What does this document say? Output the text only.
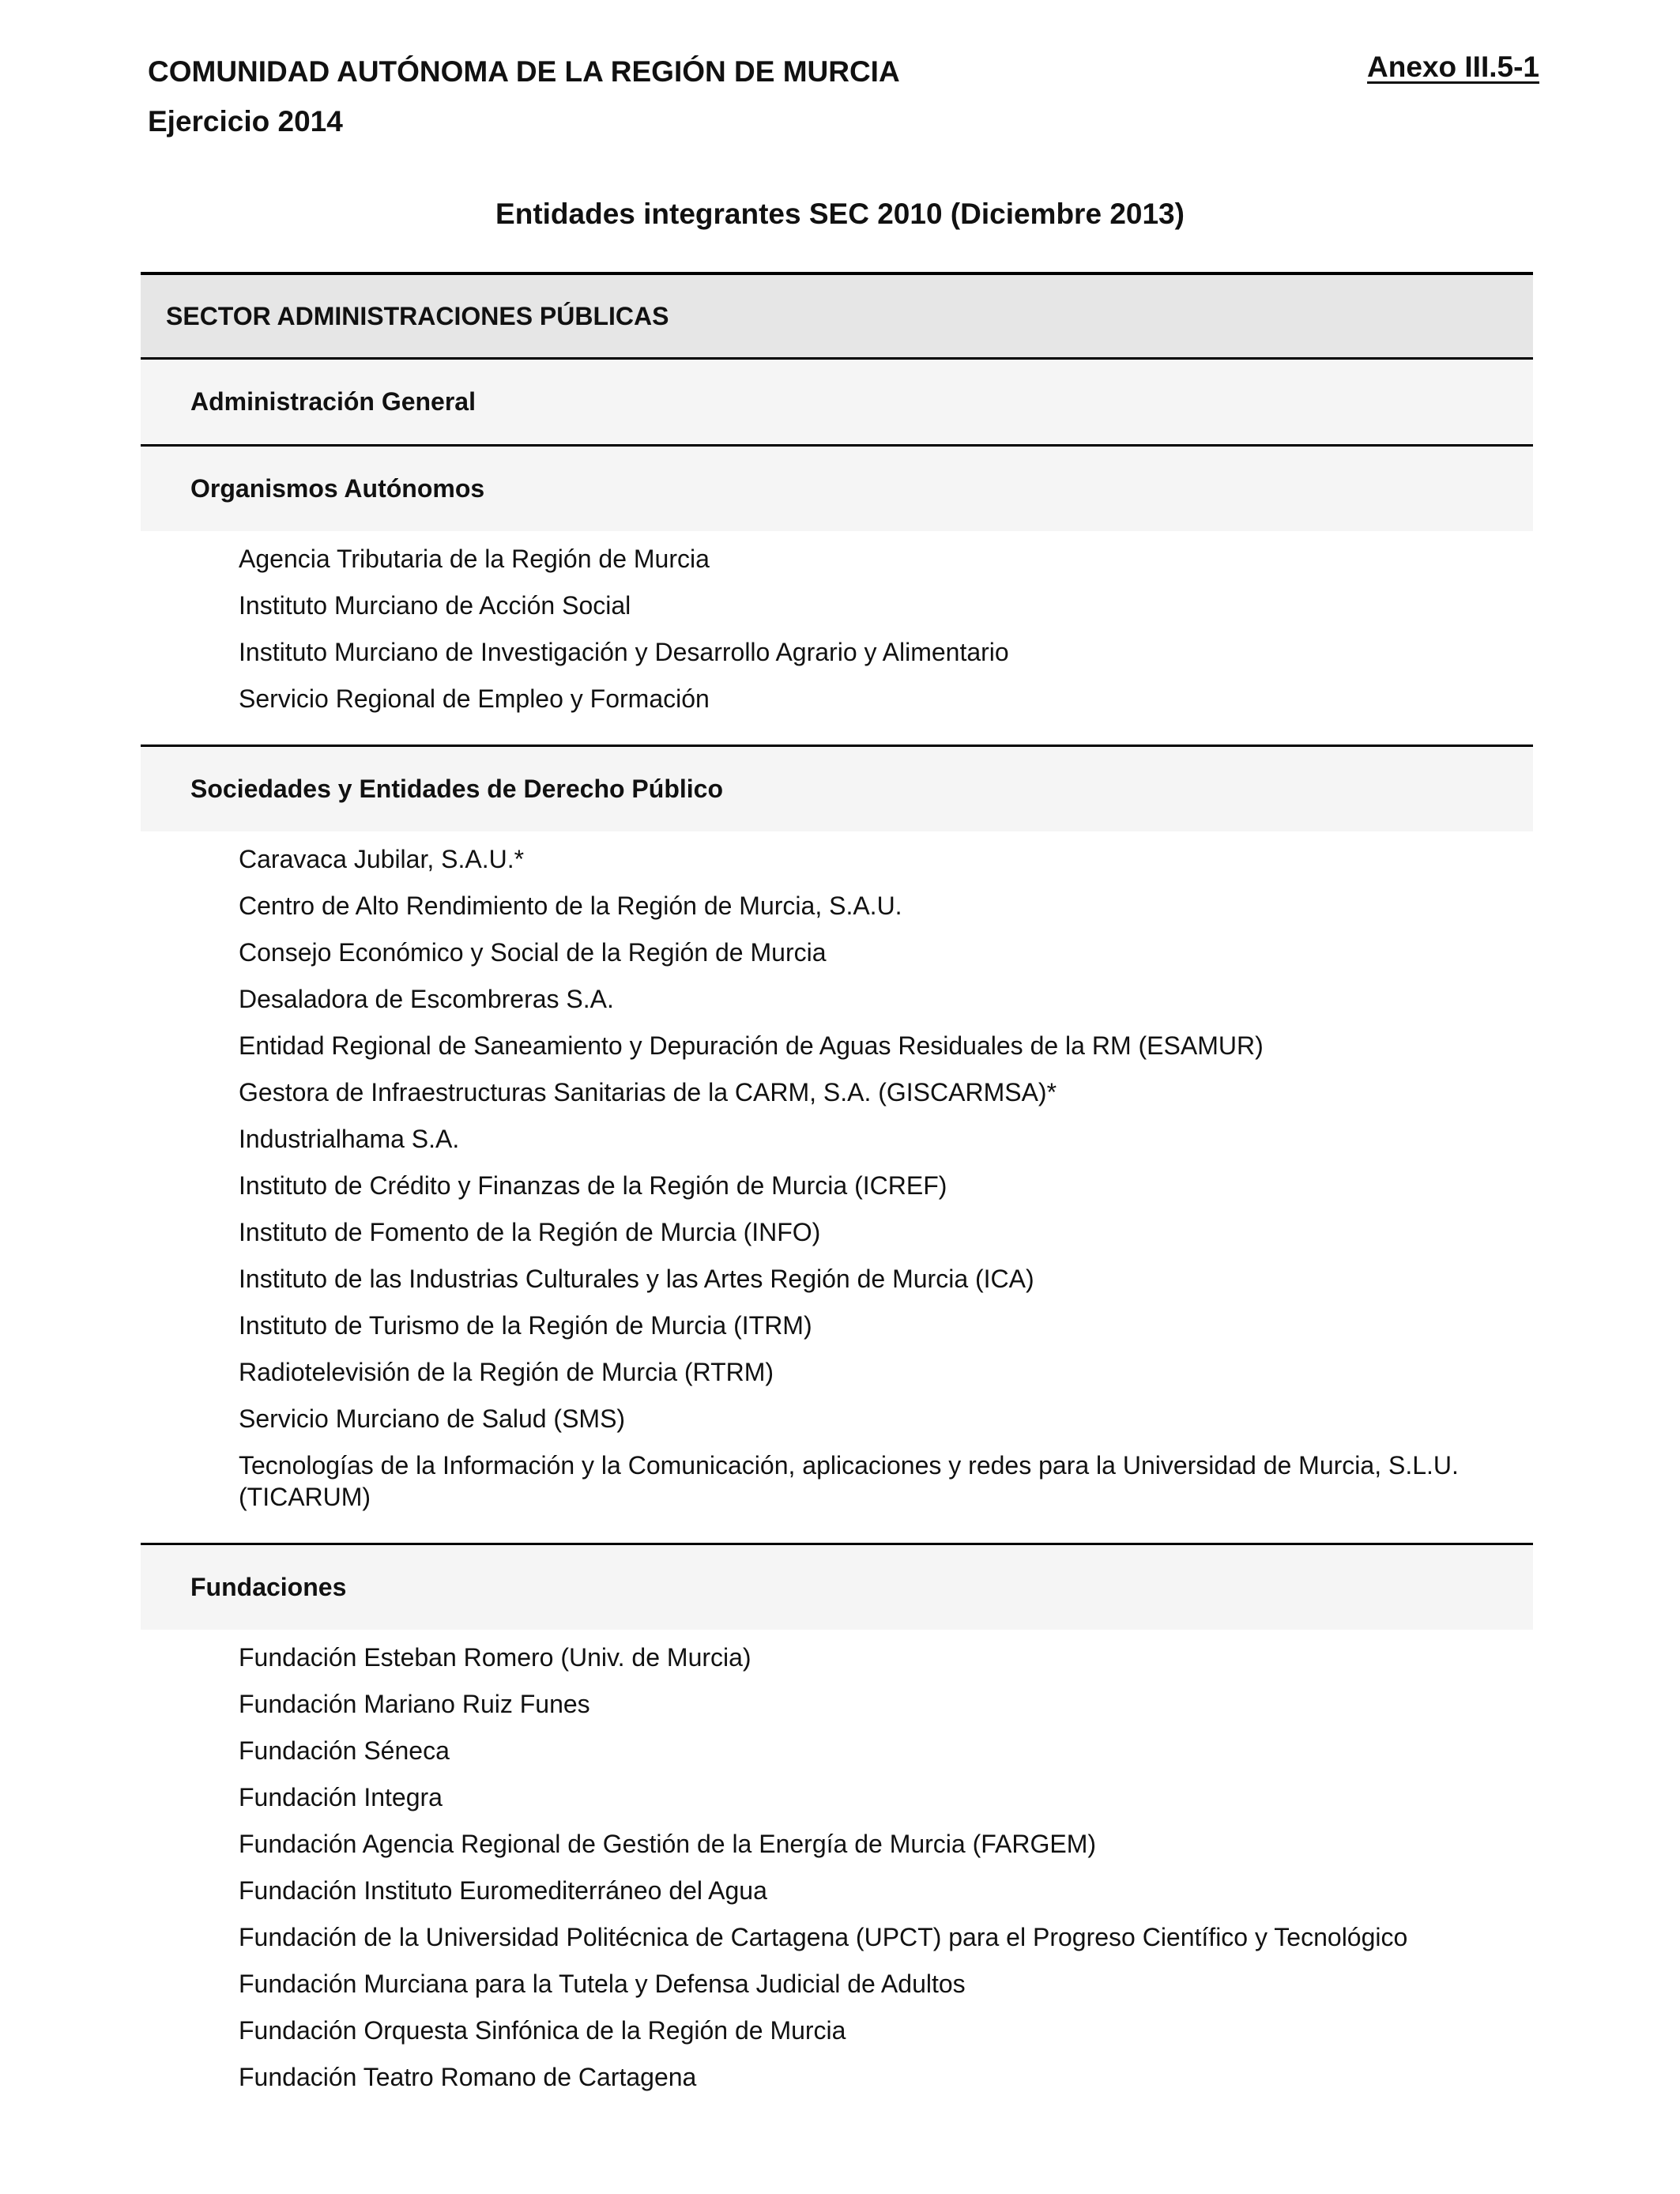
COMUNIDAD AUTÓNOMA DE LA REGIÓN DE MURCIA
Ejercicio 2014
Anexo III.5-1
Entidades integrantes SEC 2010 (Diciembre 2013)
SECTOR ADMINISTRACIONES PÚBLICAS
Administración General
Organismos Autónomos
Agencia Tributaria de la Región de Murcia
Instituto Murciano de Acción Social
Instituto Murciano de Investigación y Desarrollo Agrario y Alimentario
Servicio Regional de Empleo y Formación
Sociedades y Entidades de Derecho Público
Caravaca Jubilar, S.A.U.*
Centro de Alto Rendimiento de la Región de Murcia, S.A.U.
Consejo Económico y Social de la Región de Murcia
Desaladora de Escombreras S.A.
Entidad Regional de Saneamiento y Depuración de Aguas Residuales de la RM (ESAMUR)
Gestora de Infraestructuras Sanitarias de la CARM, S.A. (GISCARMSA)*
Industrialhama S.A.
Instituto de Crédito y Finanzas de la Región de Murcia (ICREF)
Instituto de Fomento de la Región de Murcia (INFO)
Instituto de las Industrias Culturales y las Artes Región de Murcia (ICA)
Instituto de Turismo de la Región de Murcia (ITRM)
Radiotelevisión de la Región de Murcia (RTRM)
Servicio Murciano de Salud (SMS)
Tecnologías de la Información y la Comunicación, aplicaciones y redes para la Universidad de Murcia, S.L.U. (TICARUM)
Fundaciones
Fundación Esteban Romero (Univ. de Murcia)
Fundación Mariano Ruiz Funes
Fundación Séneca
Fundación Integra
Fundación Agencia Regional de Gestión de la Energía de Murcia (FARGEM)
Fundación Instituto Euromediterráneo del Agua
Fundación de la Universidad Politécnica de Cartagena (UPCT) para el Progreso Científico y Tecnológico
Fundación Murciana para la Tutela y Defensa Judicial de Adultos
Fundación Orquesta Sinfónica de la Región de Murcia
Fundación Teatro Romano de Cartagena
